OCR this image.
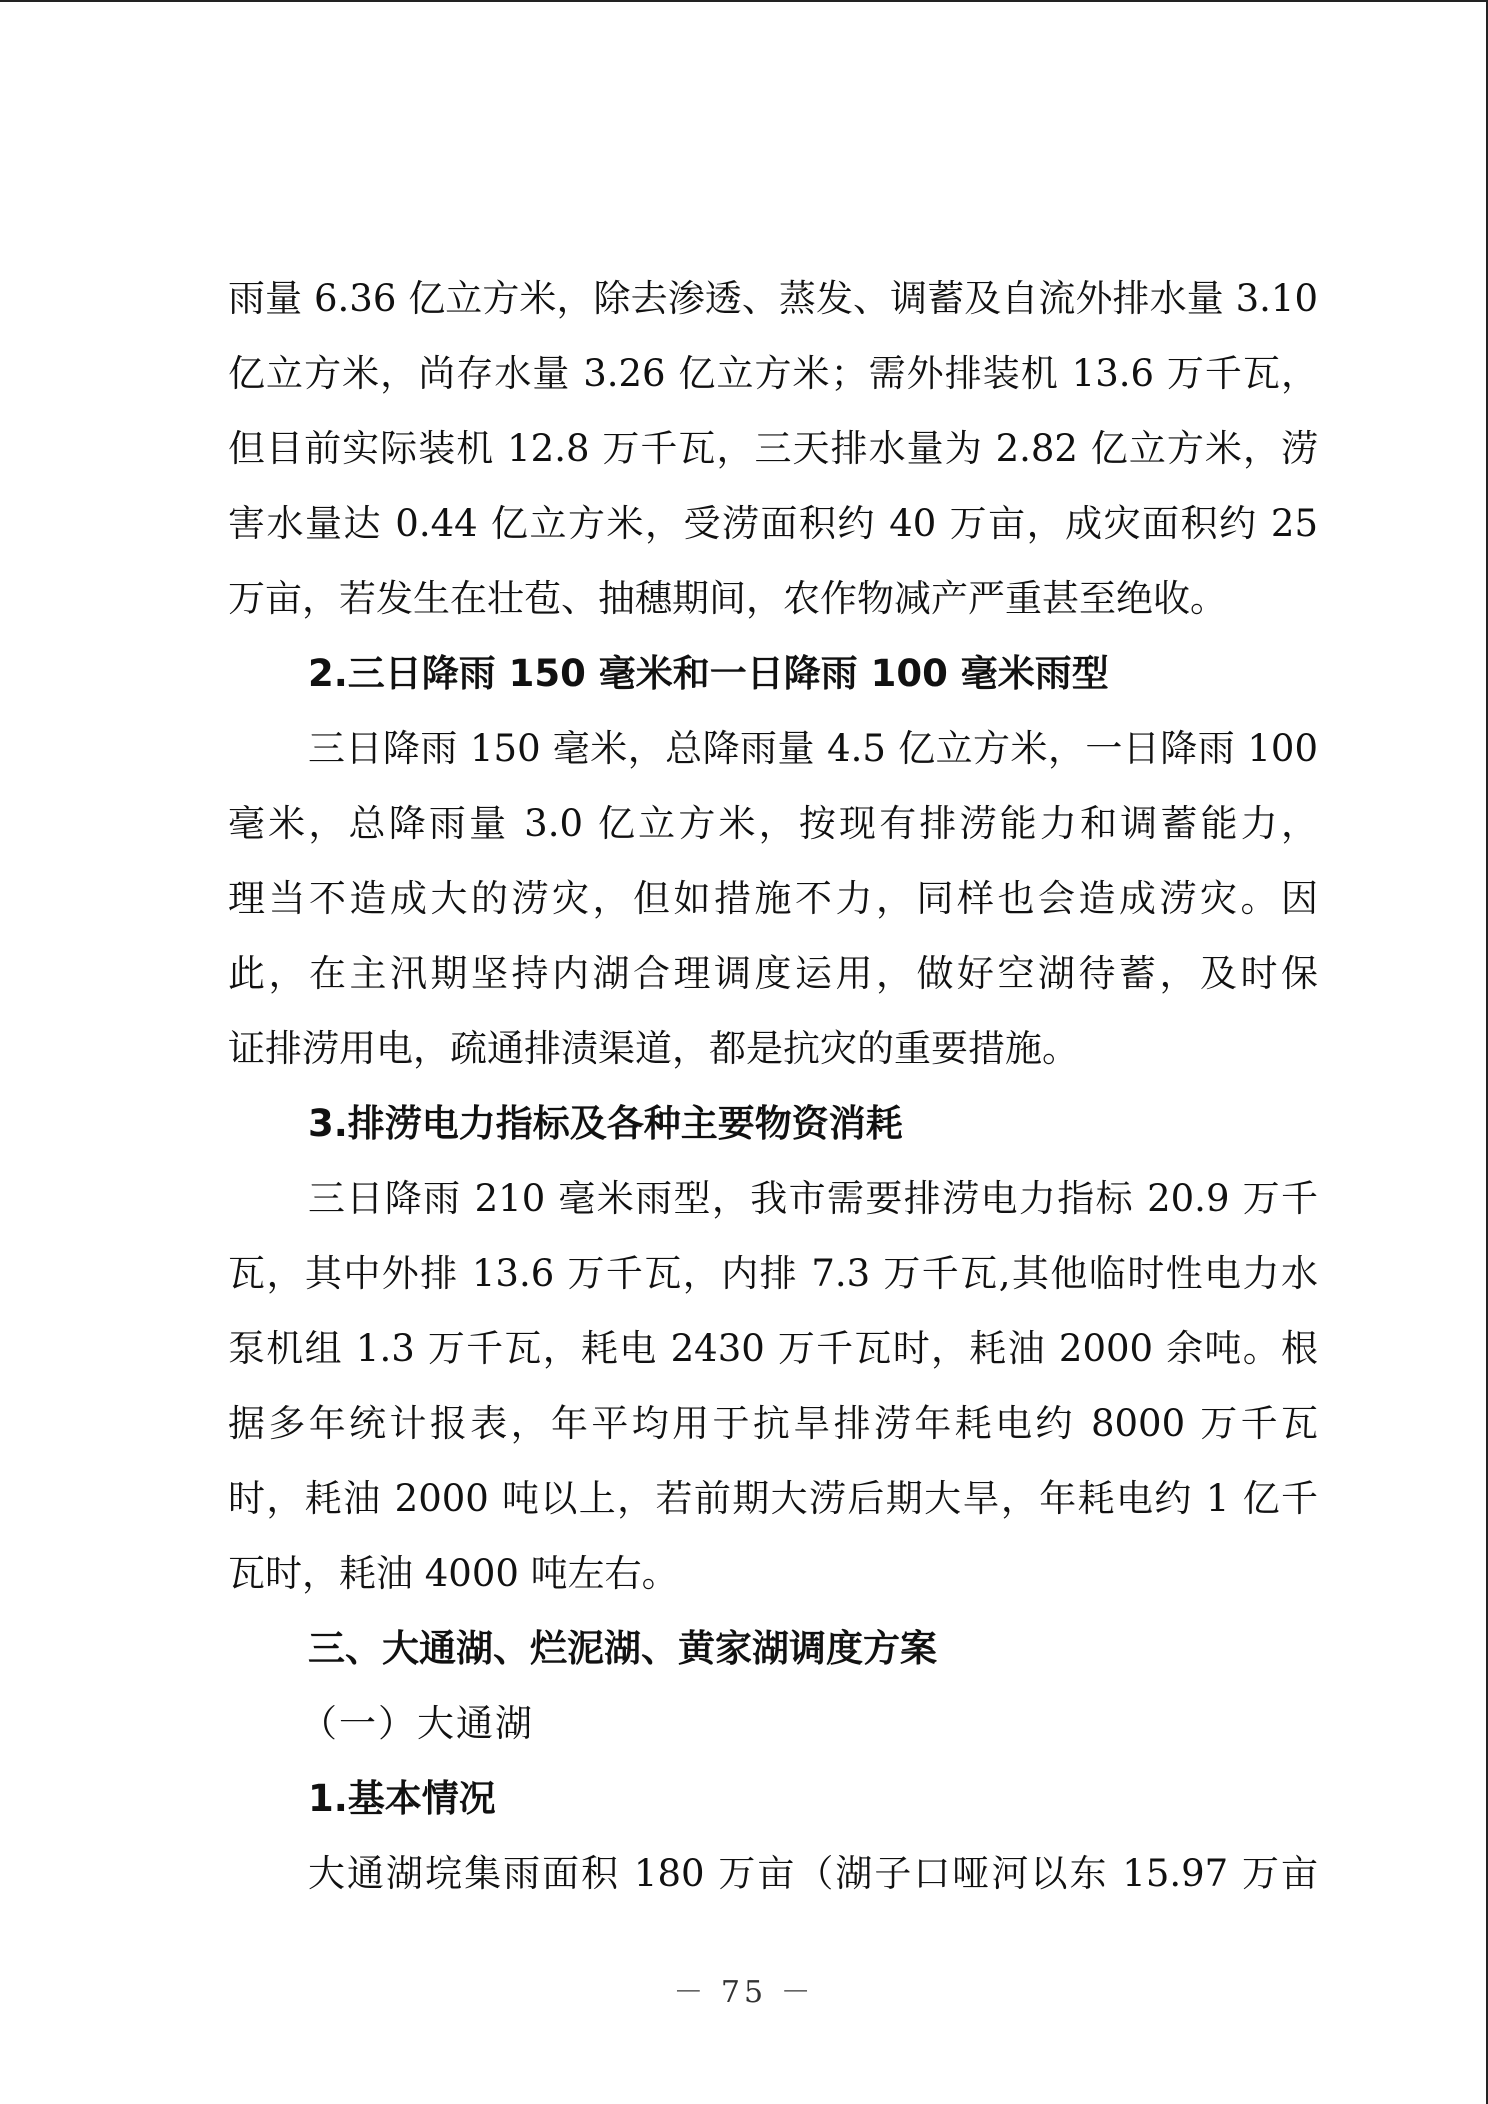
雨量 6.36 亿立方米，除去渗透、蒸发、调蓄及自流外排水量 3.10

亿立方米，尚存水量 3.26 亿立方米；需外排装机 13.6 万千瓦，

但目前实际装机 12.8 万千瓦，三天排水量为 2.82 亿立方米，涝

害水量达 0.44 亿立方米，受涝面积约 40 万亩，成灾面积约 25

万亩，若发生在壮苞、抽穗期间，农作物减产严重甚至绝收。

2.三日降雨 150 毫米和一日降雨 100 毫米雨型

三日降雨 150 毫米，总降雨量 4.5 亿立方米，一日降雨 100

毫米，总降雨量 3.0 亿立方米，按现有排涝能力和调蓄能力，

理当不造成大的涝灾，但如措施不力，同样也会造成涝灾。因

此，在主汛期坚持内湖合理调度运用，做好空湖待蓄，及时保

证排涝用电，疏通排渍渠道，都是抗灾的重要措施。

3.排涝电力指标及各种主要物资消耗

三日降雨 210 毫米雨型，我市需要排涝电力指标 20.9 万千

瓦，其中外排 13.6 万千瓦，内排 7.3 万千瓦,其他临时性电力水

泵机组 1.3 万千瓦，耗电 2430 万千瓦时，耗油 2000 余吨。根

据多年统计报表，年平均用于抗旱排涝年耗电约 8000 万千瓦

时，耗油 2000 吨以上，若前期大涝后期大旱，年耗电约 1 亿千

瓦时，耗油 4000 吨左右。

三、大通湖、烂泥湖、黄家湖调度方案

（一）大通湖

1.基本情况

大通湖垸集雨面积 180 万亩（湖子口哑河以东 15.97 万亩

－ 75 －
